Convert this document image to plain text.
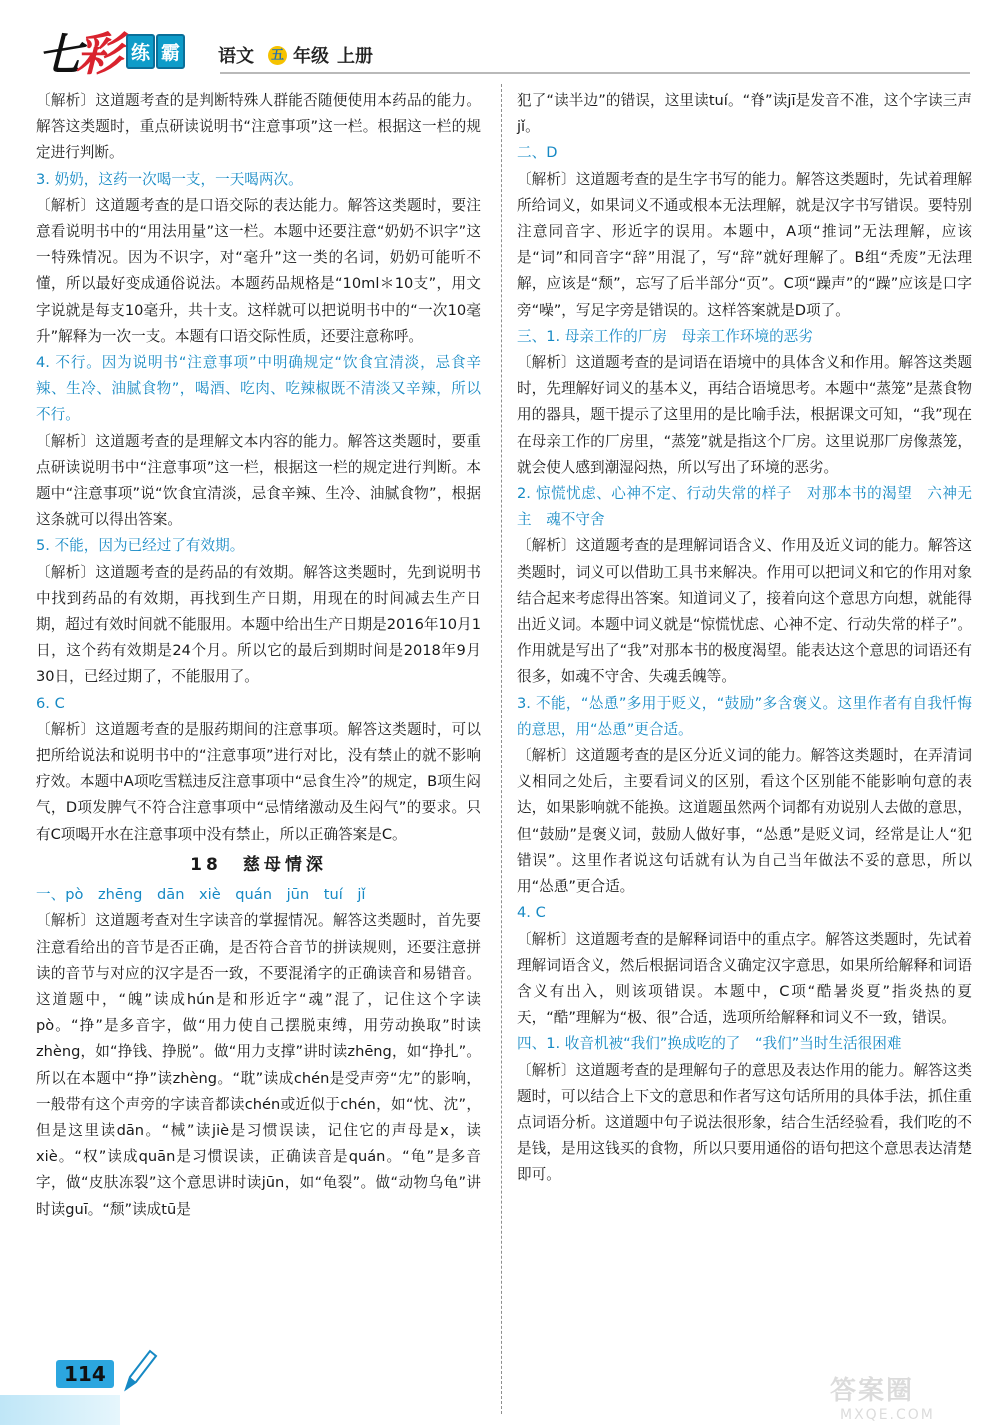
七
彩 练 霸 语文 五 年级 上册

〔解析〕这道题考查的是判断特殊人群能否随便使用本药品的能力。解答这类题时，重点研读说明书“注意事项”这一栏。根据这一栏的规定进行判断。

3. 奶奶，这药一次喝一支，一天喝两次。

〔解析〕这道题考查的是口语交际的表达能力。解答这类题时，要注意看说明书中的“用法用量”这一栏。本题中还要注意“奶奶不识字”这一特殊情况。因为不识字，对“毫升”这一类的名词，奶奶可能听不懂，所以最好变成通俗说法。本题药品规格是“10ml＊10支”，用文字说就是每支10毫升，共十支。这样就可以把说明书中的“一次10毫升”解释为一次一支。本题有口语交际性质，还要注意称呼。

4. 不行。因为说明书“注意事项”中明确规定“饮食宜清淡，忌食辛辣、生冷、油腻食物”，喝酒、吃肉、吃辣椒既不清淡又辛辣，所以不行。

〔解析〕这道题考查的是理解文本内容的能力。解答这类题时，要重点研读说明书中“注意事项”这一栏，根据这一栏的规定进行判断。本题中“注意事项”说“饮食宜清淡，忌食辛辣、生冷、油腻食物”，根据这条就可以得出答案。

5. 不能，因为已经过了有效期。

〔解析〕这道题考查的是药品的有效期。解答这类题时，先到说明书中找到药品的有效期，再找到生产日期，用现在的时间减去生产日期，超过有效时间就不能服用。本题中给出生产日期是2016年10月1日，这个药有效期是24个月。所以它的最后到期时间是2018年9月30日，已经过期了，不能服用了。

6. C

〔解析〕这道题考查的是服药期间的注意事项。解答这类题时，可以把所给说法和说明书中的“注意事项”进行对比，没有禁止的就不影响疗效。本题中A项吃雪糕违反注意事项中“忌食生冷”的规定，B项生闷气，D项发脾气不符合注意事项中“忌情绪激动及生闷气”的要求。只有C项喝开水在注意事项中没有禁止，所以正确答案是C。

18　慈母情深

一、pò　zhēng　dān　xiè　quán　jūn　tuí　jǐ

〔解析〕这道题考查对生字读音的掌握情况。解答这类题时，首先要注意看给出的音节是否正确，是否符合音节的拼读规则，还要注意拼读的音节与对应的汉字是否一致，不要混淆字的正确读音和易错音。这道题中，“魄”读成hún是和形近字“魂”混了，记住这个字读pò。“挣”是多音字，做“用力使自己摆脱束缚，用劳动换取”时读zhèng，如“挣钱、挣脱”。做“用力支撑”讲时读zhēng，如“挣扎”。所以在本题中“挣”读zhèng。“耽”读成chén是受声旁“冘”的影响，一般带有这个声旁的字读音都读chén或近似于chén，如“忱、沈”，但是这里读dān。“械”读jiè是习惯误读，记住它的声母是x，读xiè。“权”读成quān是习惯误读，正确读音是quán。“龟”是多音字，做“皮肤冻裂”这个意思讲时读jūn，如“龟裂”。做“动物乌龟”讲时读guī。“颓”读成tū是

犯了“读半边”的错误，这里读tuí。“脊”读jī是发音不准，这个字读三声jǐ。

二、D

〔解析〕这道题考查的是生字书写的能力。解答这类题时，先试着理解所给词义，如果词义不通或根本无法理解，就是汉字书写错误。要特别注意同音字、形近字的误用。本题中，A项“推词”无法理解，应该是“词”和同音字“辞”用混了，写“辞”就好理解了。B组“秃废”无法理解，应该是“颓”，忘写了后半部分“页”。C项“躁声”的“躁”应该是口字旁“噪”，写足字旁是错误的。这样答案就是D项了。

三、1. 母亲工作的厂房　母亲工作环境的恶劣

〔解析〕这道题考查的是词语在语境中的具体含义和作用。解答这类题时，先理解好词义的基本义，再结合语境思考。本题中“蒸笼”是蒸食物用的器具，题干提示了这里用的是比喻手法，根据课文可知，“我”现在在母亲工作的厂房里，“蒸笼”就是指这个厂房。这里说那厂房像蒸笼，就会使人感到潮湿闷热，所以写出了环境的恶劣。

2. 惊慌忧虑、心神不定、行动失常的样子　对那本书的渴望　六神无主　魂不守舍

〔解析〕这道题考查的是理解词语含义、作用及近义词的能力。解答这类题时，词义可以借助工具书来解决。作用可以把词义和它的作用对象结合起来考虑得出答案。知道词义了，接着向这个意思方向想，就能得出近义词。本题中词义就是“惊慌忧虑、心神不定、行动失常的样子”。作用就是写出了“我”对那本书的极度渴望。能表达这个意思的词语还有很多，如魂不守舍、失魂丢魄等。

3. 不能，“怂恿”多用于贬义，“鼓励”多含褒义。这里作者有自我忏悔的意思，用“怂恿”更合适。

〔解析〕这道题考查的是区分近义词的能力。解答这类题时，在弄清词义相同之处后，主要看词义的区别，看这个区别能不能影响句意的表达，如果影响就不能换。这道题虽然两个词都有劝说别人去做的意思，但“鼓励”是褒义词，鼓励人做好事，“怂恿”是贬义词，经常是让人“犯错误”。这里作者说这句话就有认为自己当年做法不妥的意思，所以用“怂恿”更合适。

4. C

〔解析〕这道题考查的是解释词语中的重点字。解答这类题时，先试着理解词语含义，然后根据词语含义确定汉字意思，如果所给解释和词语含义有出入，则该项错误。本题中，C项“酷暑炎夏”指炎热的夏天，“酷”理解为“极、很”合适，选项所给解释和词义不一致，错误。

四、1. 收音机被“我们”换成吃的了　“我们”当时生活很困难

〔解析〕这道题考查的是理解句子的意思及表达作用的能力。解答这类题时，可以结合上下文的意思和作者写这句话所用的具体手法，抓住重点词语分析。这道题中句子说法很形象，结合生活经验看，我们吃的不是钱，是用这钱买的食物，所以只要用通俗的语句把这个意思表达清楚即可。

114
答案圈
MXQE.COM
